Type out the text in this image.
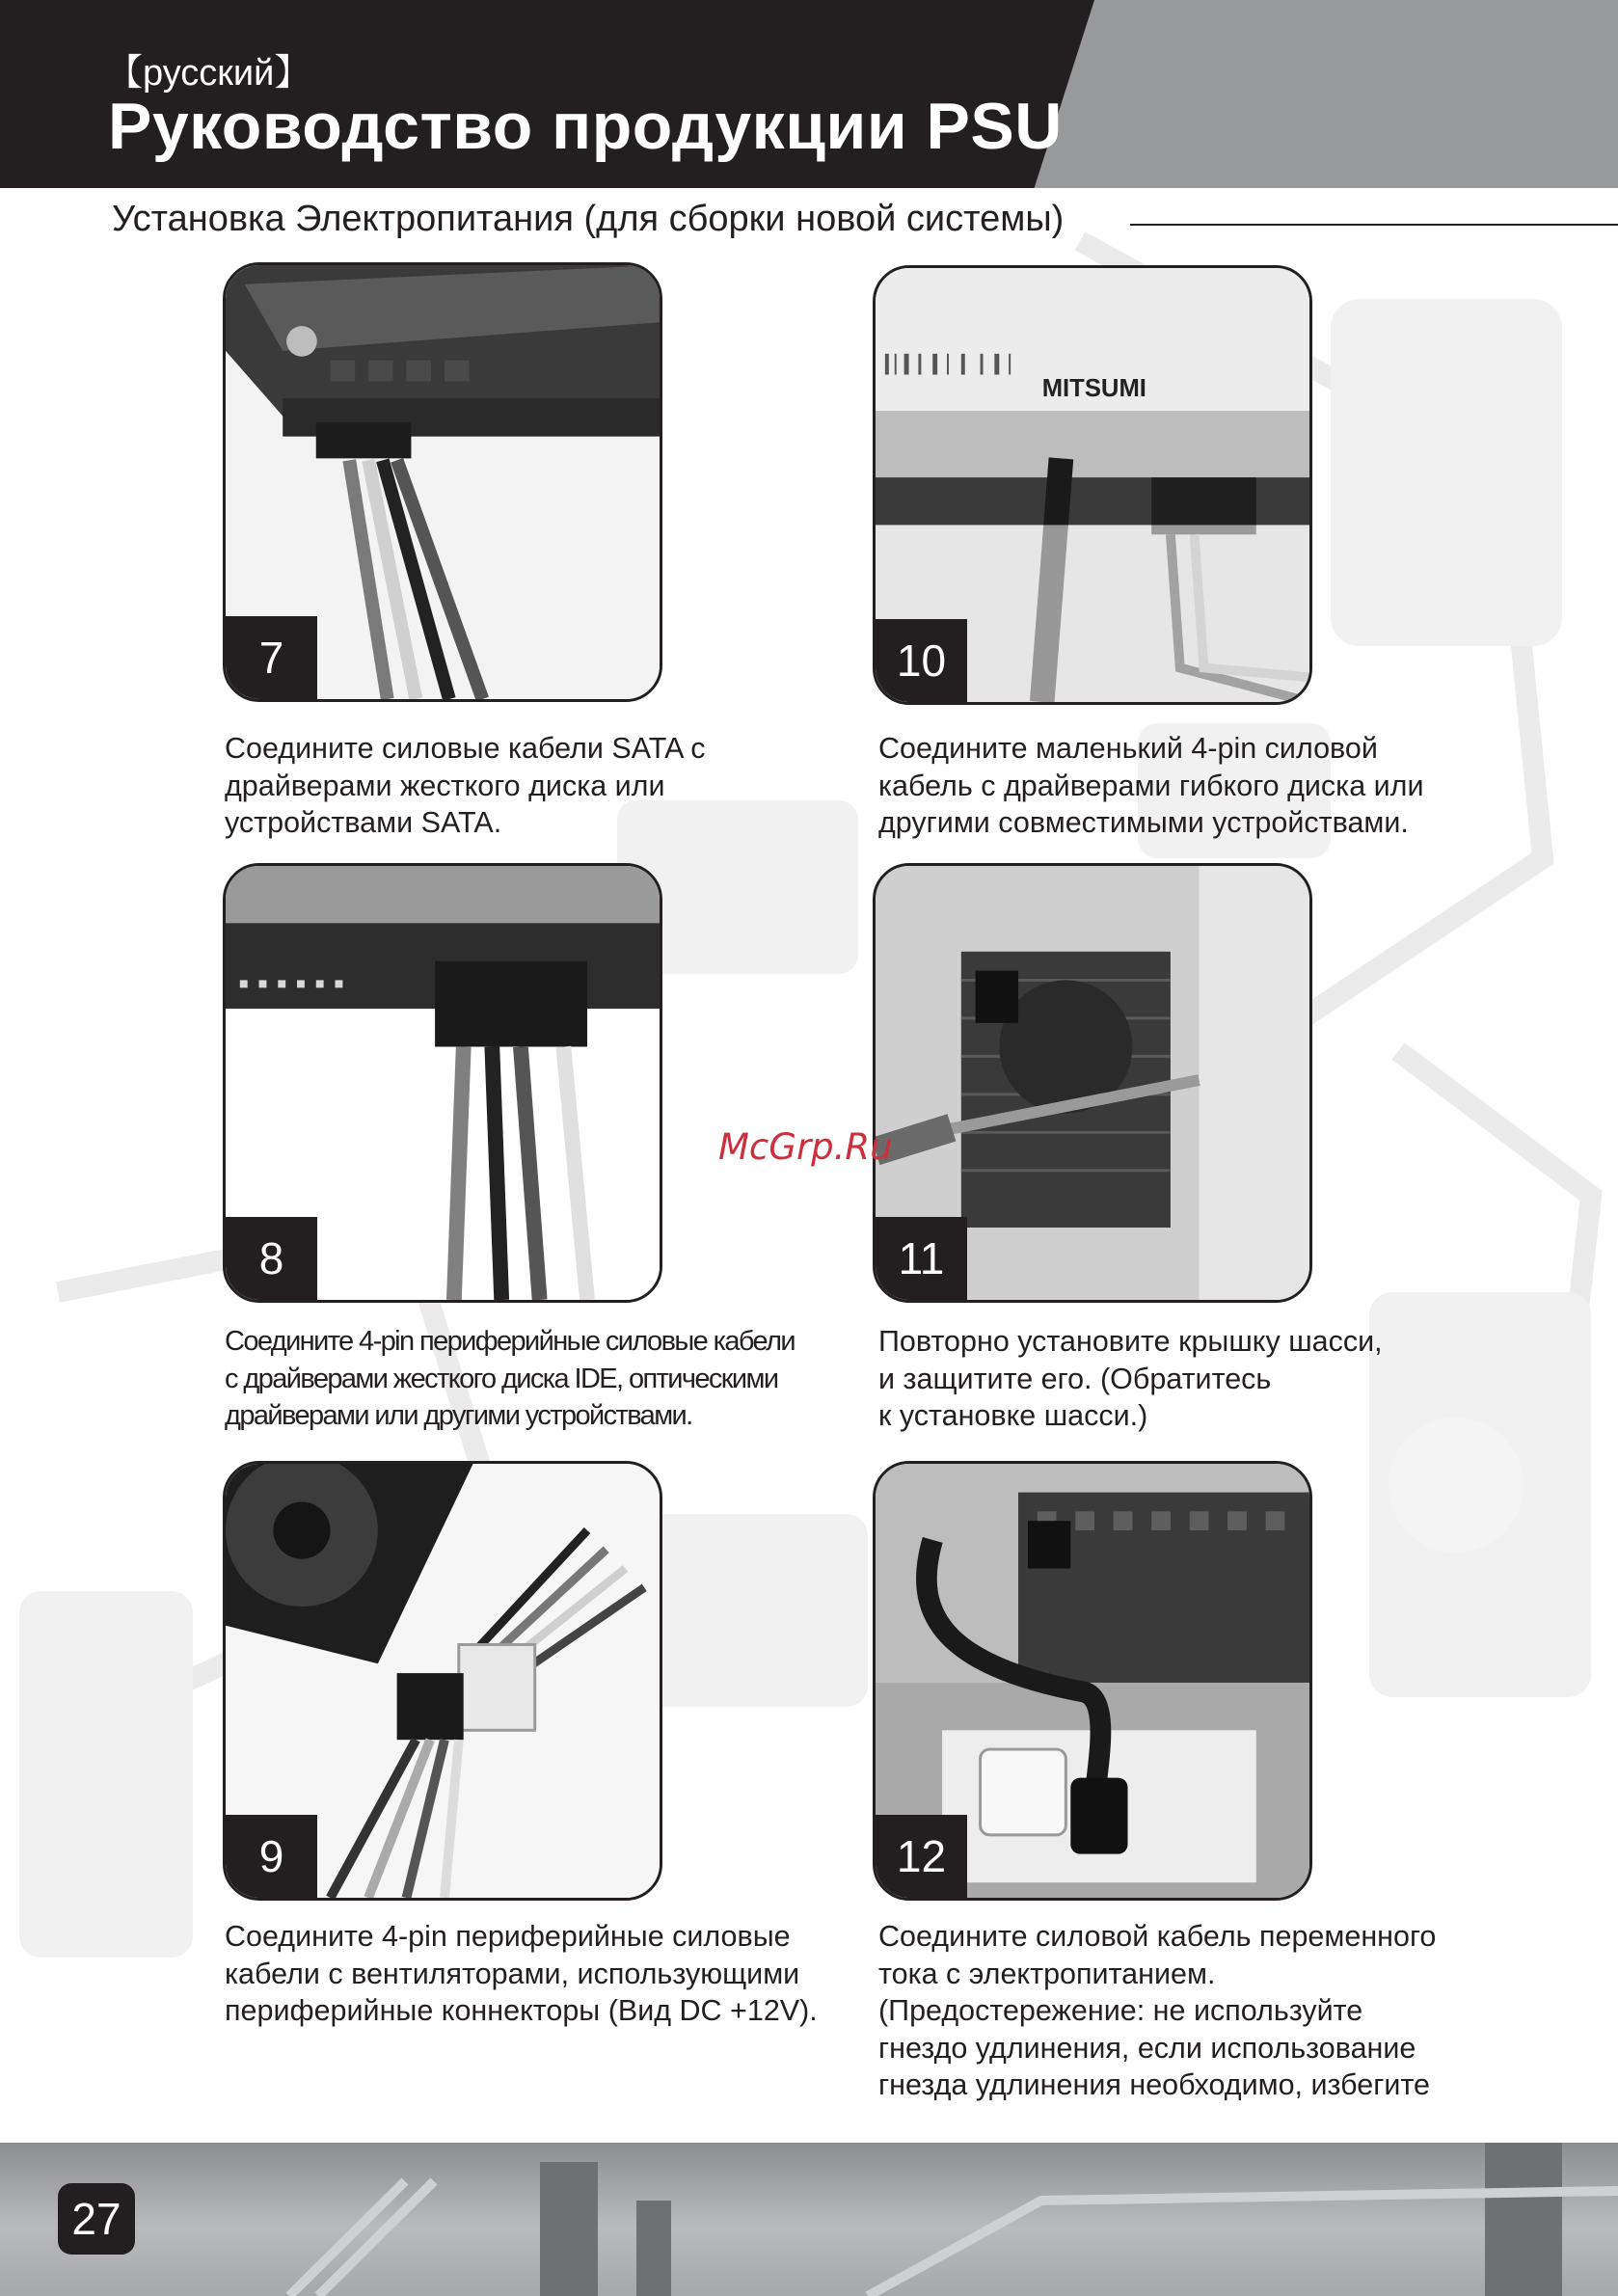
【русский】
Руководство продукции PSU
Установка Электропитания (для сборки новой системы)
7

Соедините силовые кабели SATA с

драйверами жесткого диска или

устройствами SATA.

MITSUMI
10

Соедините маленький 4-pin силовой

кабель с драйверами гибкого диска или

другими совместимыми устройствами.

8

Соедините 4-pin периферийные силовые кабели

с драйверами жесткого диска IDE, оптическими

драйверами или другими устройствами.

11

Повторно установите крышку шасси,

и защитите его. (Обратитесь

к установке шасси.)

9

Соедините 4-pin периферийные силовые

кабели с вентиляторами, использующими

периферийные коннекторы (Вид DC +12V).

12

Соедините силовой кабель переменного

тока с электропитанием.

(Предостережение: не используйте

гнездо удлинения, если использование

гнезда удлинения необходимо, избегите

McGrp.Ru
27
